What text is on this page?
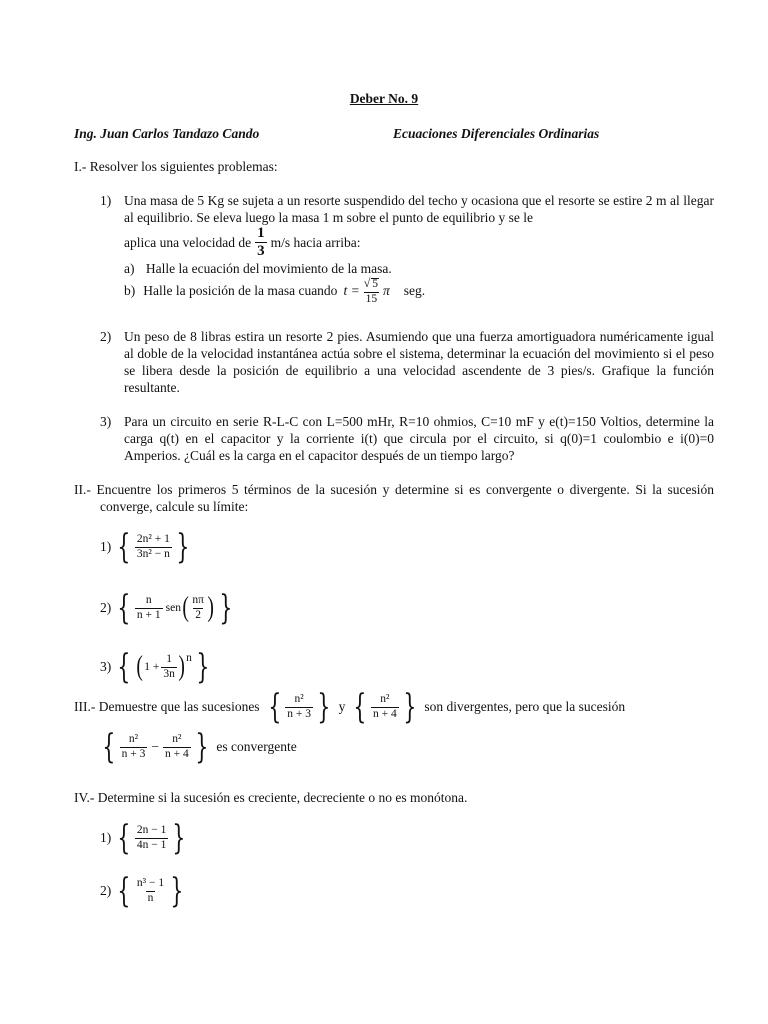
Deber No. 9
Ing. Juan Carlos Tandazo Cando	Ecuaciones Diferenciales Ordinarias
I.- Resolver los siguientes problemas:
1) Una masa de 5 Kg se sujeta a un resorte suspendido del techo y ocasiona que el resorte se estire 2 m al llegar al equilibrio. Se eleva luego la masa 1 m sobre el punto de equilibrio y se le
aplica una velocidad de $\frac{1}{3} m/s$ hacia arriba:
a) Halle la ecuación del movimiento de la masa.
b) Halle la posición de la masa cuando $t = \frac{√ 5}{15}$ π seg.
2) Un peso de 8 libras estira un resorte 2 pies. Asumiendo que una fuerza amortiguadora numéricamente igual al doble de la velocidad instantánea actúa sobre el sistema, determinar la ecuación del movimiento si el peso se libera desde la posición de equilibrio a una velocidad ascendente de 3 pies/s. Grafique la función resultante.
3) Para un circuito en serie R-L-C con L=500 mHr, R=10 ohmios, C=10 mF y e(t)=150 Voltios, determine la carga q(t) en el capacitor y la corriente i(t) que circula por el circuito, si q(0)=1 coulombio e i(0)=0 Amperios. ¿Cuál es la carga en el capacitor después de un tiempo largo?
II.- Encuentre los primeros 5 términos de la sucesión y determine si es convergente o divergente. Si la sucesión converge, calcule su límite:
1) { $\frac{\text{2n² + 1}}{\text{3n² − n}}$ }
2) { $\frac{n}{n + 1}$ sen ( $\frac{n\pi}{2}$ ) }
3) { ( $1 + \frac{1}{3n}$ ) n }
III.- Demuestre que las sucesiones { $\frac{\text{n²}}{n + 3}$ } y { $\frac{\text{n²}}{n + 4}$ } son divergentes, pero que la sucesión
{ $\frac{\text{n²}}{n + 3} - \frac{\text{n²}}{n + 4}$ } es convergente
IV.- Determine si la sucesión es creciente, decreciente o no es monótona.
1) { $\frac{2n - 1}{4n - 1}$ }
2) { $\frac{\text{n³ − 1}}{n}$ }
